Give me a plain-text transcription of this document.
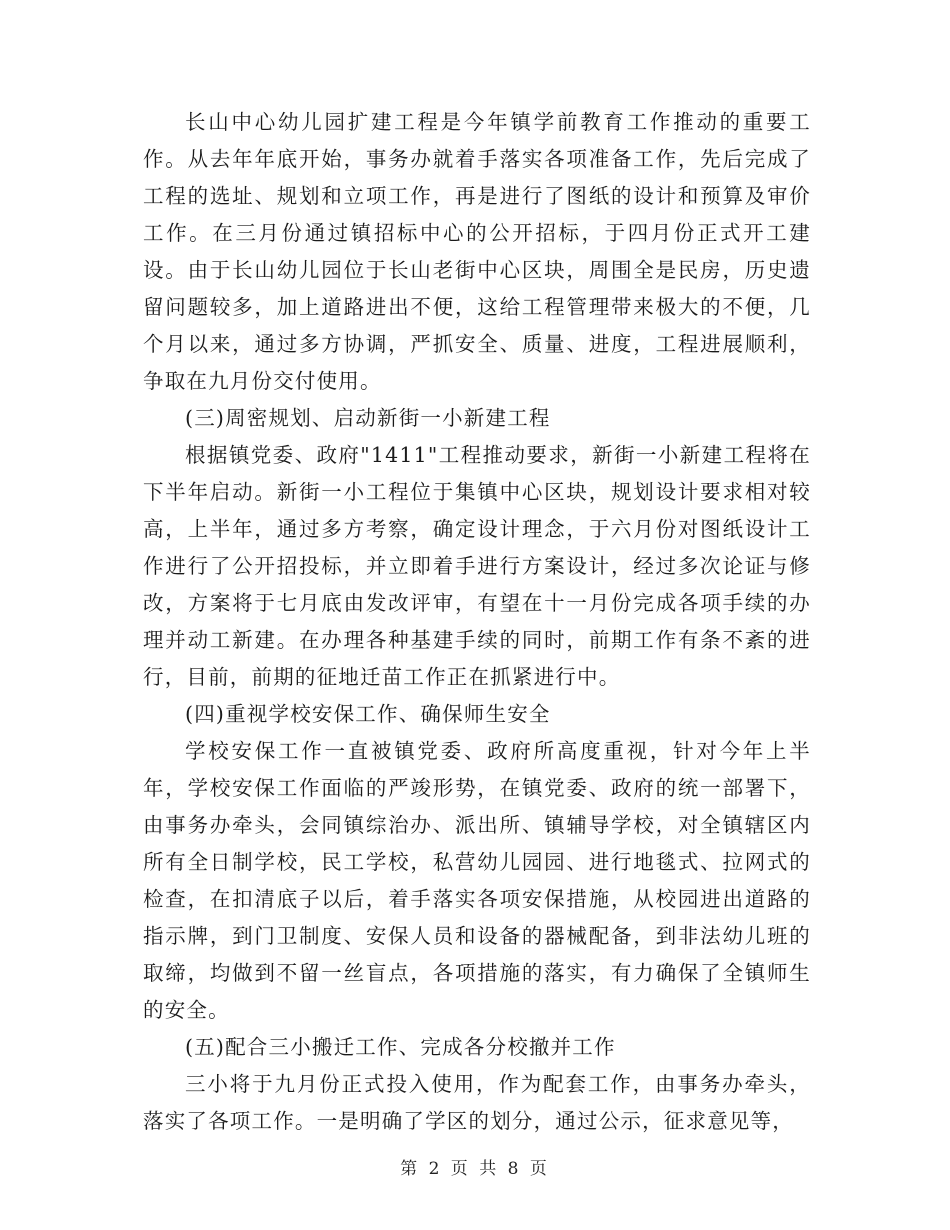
长山中心幼儿园扩建工程是今年镇学前教育工作推动的重要工作。从去年年底开始，事务办就着手落实各项准备工作，先后完成了工程的选址、规划和立项工作，再是进行了图纸的设计和预算及审价工作。在三月份通过镇招标中心的公开招标，于四月份正式开工建设。由于长山幼儿园位于长山老街中心区块，周围全是民房，历史遗留问题较多，加上道路进出不便，这给工程管理带来极大的不便，几个月以来，通过多方协调，严抓安全、质量、进度，工程进展顺利，争取在九月份交付使用。

(三)周密规划、启动新街一小新建工程

根据镇党委、政府"1411"工程推动要求，新街一小新建工程将在下半年启动。新街一小工程位于集镇中心区块，规划设计要求相对较高，上半年，通过多方考察，确定设计理念，于六月份对图纸设计工作进行了公开招投标，并立即着手进行方案设计，经过多次论证与修改，方案将于七月底由发改评审，有望在十一月份完成各项手续的办理并动工新建。在办理各种基建手续的同时，前期工作有条不紊的进行，目前，前期的征地迁苗工作正在抓紧进行中。

(四)重视学校安保工作、确保师生安全

学校安保工作一直被镇党委、政府所高度重视，针对今年上半年，学校安保工作面临的严竣形势，在镇党委、政府的统一部署下，由事务办牵头，会同镇综治办、派出所、镇辅导学校，对全镇辖区内所有全日制学校，民工学校，私营幼儿园园、进行地毯式、拉网式的检查，在扣清底子以后，着手落实各项安保措施，从校园进出道路的指示牌，到门卫制度、安保人员和设备的器械配备，到非法幼儿班的取缔，均做到不留一丝盲点，各项措施的落实，有力确保了全镇师生的安全。

(五)配合三小搬迁工作、完成各分校撤并工作

三小将于九月份正式投入使用，作为配套工作，由事务办牵头，落实了各项工作。一是明确了学区的划分，通过公示，征求意见等，

第 2 页 共 8 页
